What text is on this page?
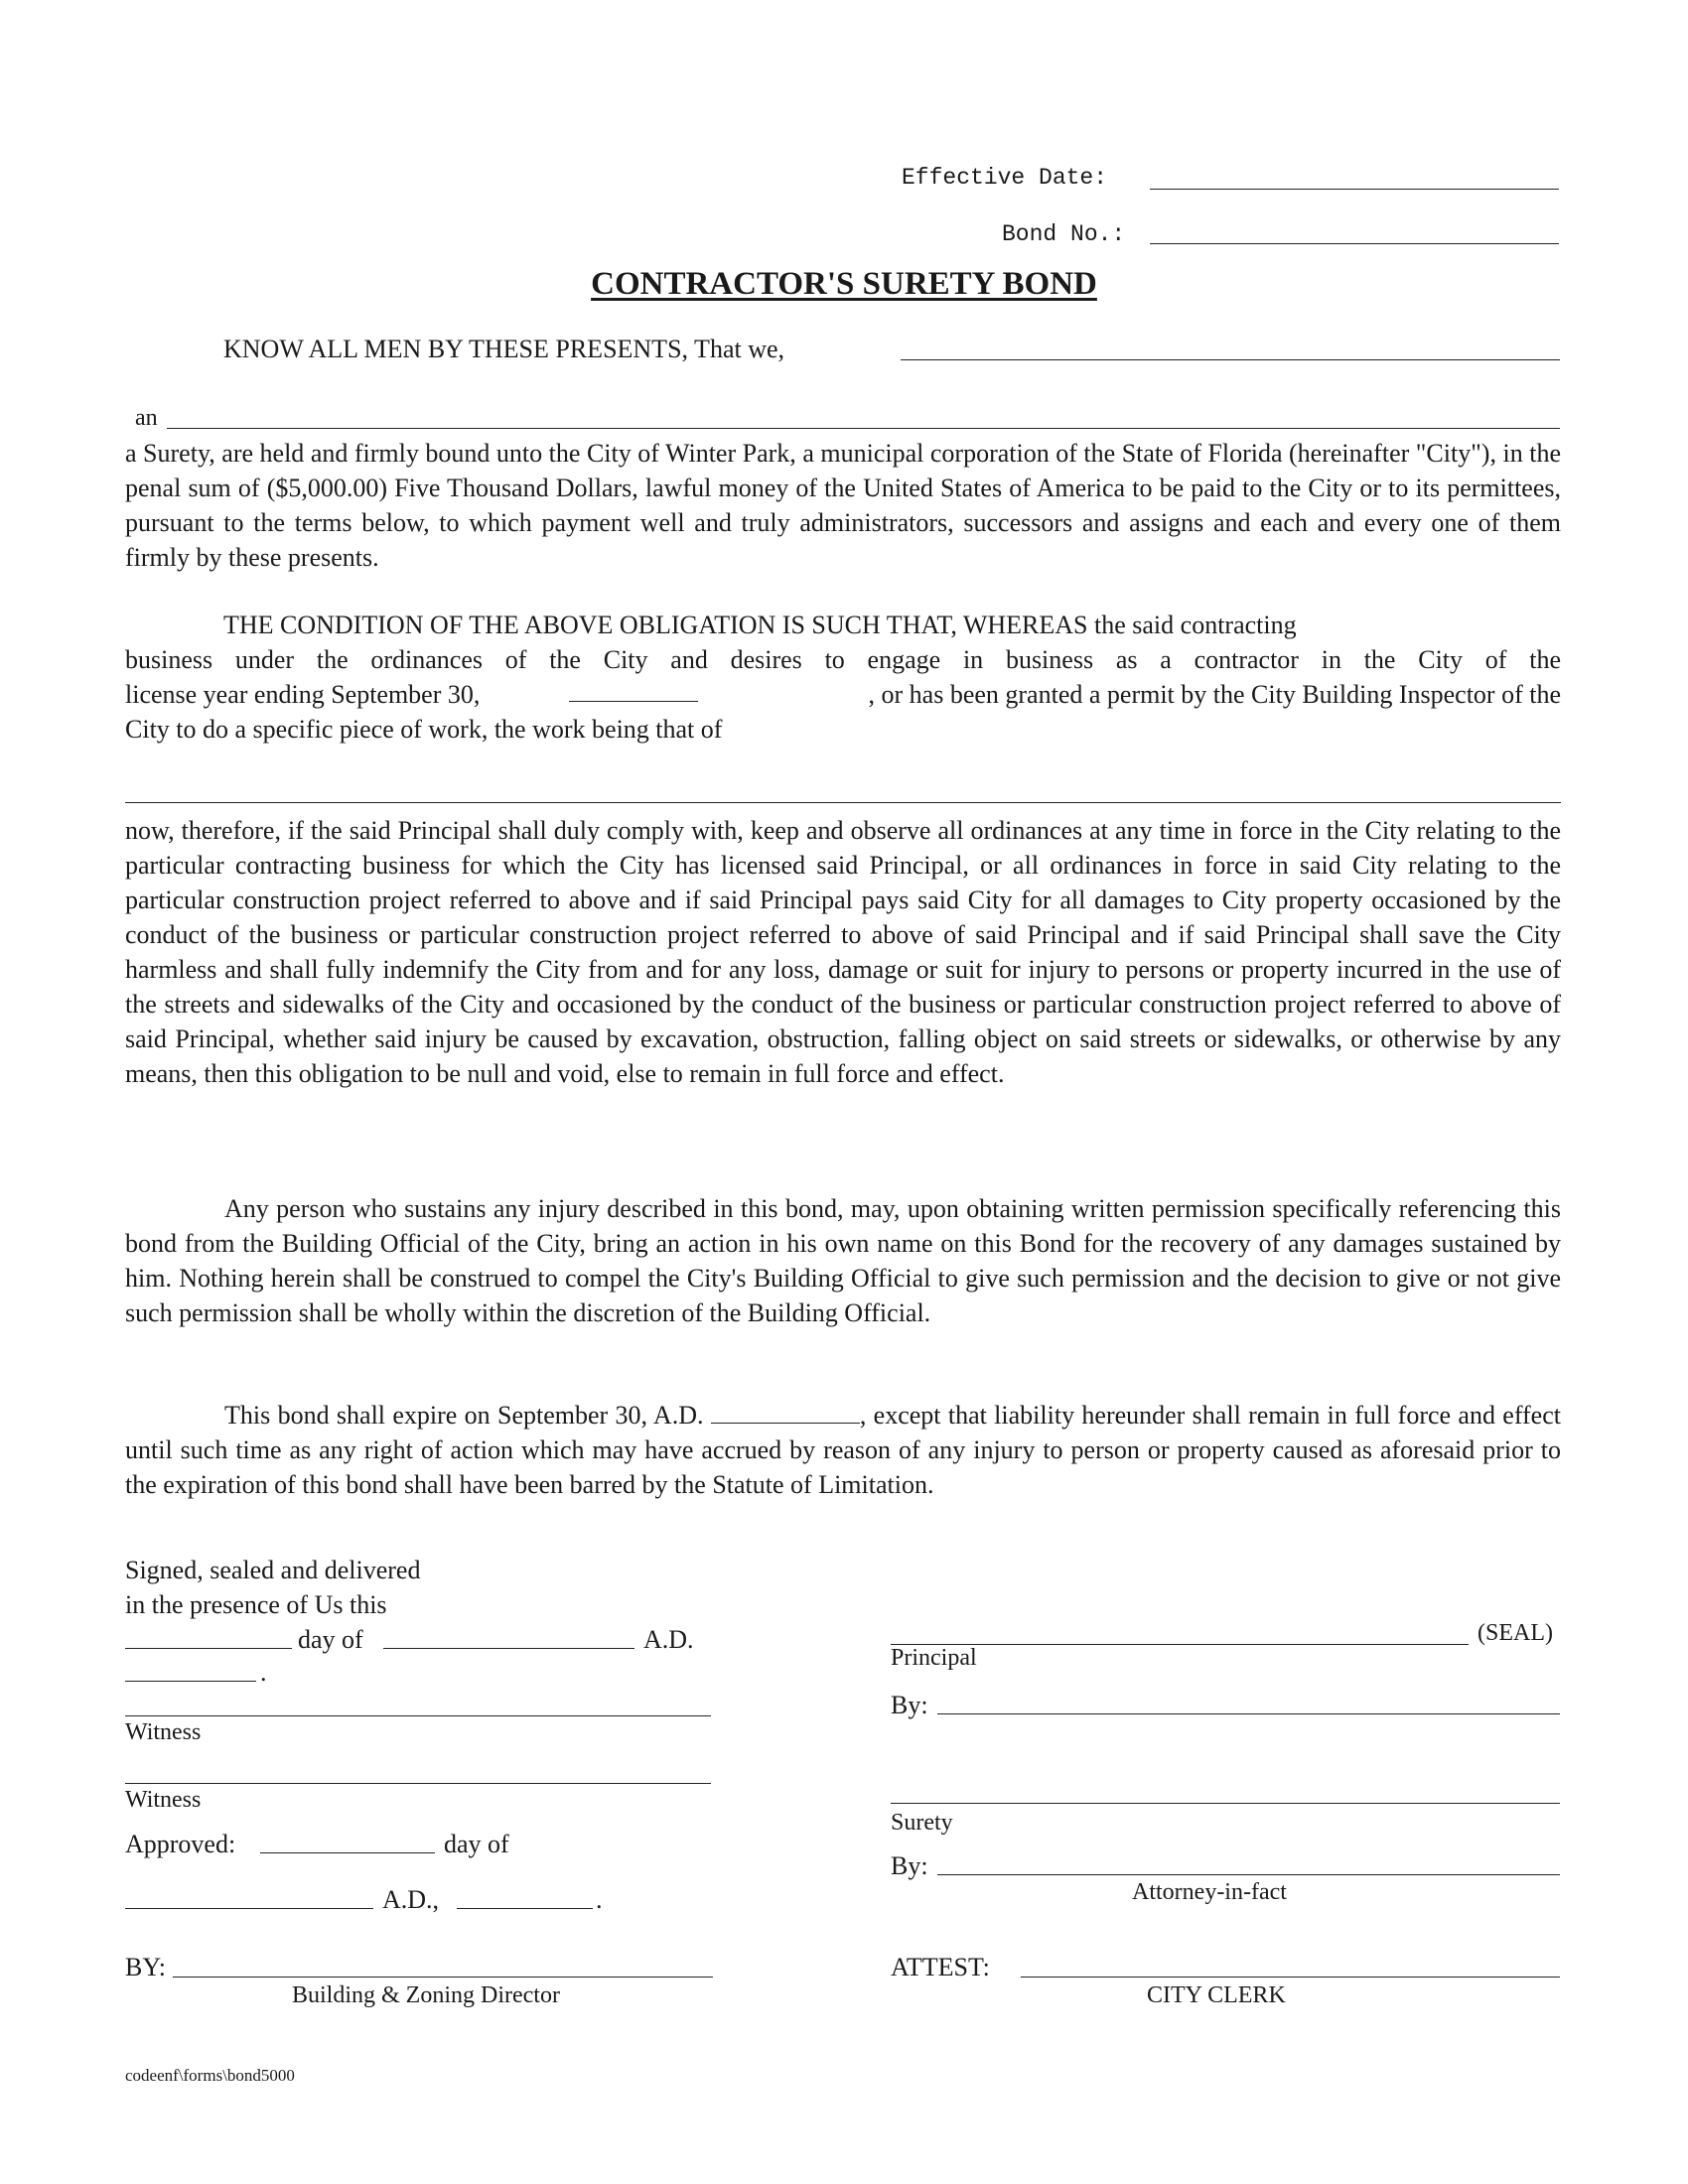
Effective Date:
Bond No.:
CONTRACTOR'S SURETY BOND
KNOW ALL MEN BY THESE PRESENTS, That we,
an

a Surety, are held and firmly bound unto the City of Winter Park, a municipal corporation of the State of Florida (hereinafter "City"), in the penal sum of ($5,000.00) Five Thousand Dollars, lawful money of the United States of America to be paid to the City or to its permittees, pursuant to the terms below, to which payment well and truly administrators, successors and assigns and each and every one of them firmly by these presents.

THE CONDITION OF THE ABOVE OBLIGATION IS SUCH THAT, WHEREAS the said contracting
business under the ordinances of the City and desires to engage in business as a contractor in the City of the
license year ending September 30,	, or has been granted a permit by the City Building Inspector of the
City to do a specific piece of work, the work being that of

now, therefore, if the said Principal shall duly comply with, keep and observe all ordinances at any time in force in the City relating to the particular contracting business for which the City has licensed said Principal, or all ordinances in force in said City relating to the particular construction project referred to above and if said Principal pays said City for all damages to City property occasioned by the conduct of the business or particular construction project referred to above of said Principal and if said Principal shall save the City harmless and shall fully indemnify the City from and for any loss, damage or suit for injury to persons or property incurred in the use of the streets and sidewalks of the City and occasioned by the conduct of the business or particular construction project referred to above of said Principal, whether said injury be caused by excavation, obstruction, falling object on said streets or sidewalks, or otherwise by any means, then this obligation to be null and void, else to remain in full force and effect.

Any person who sustains any injury described in this bond, may, upon obtaining written permission specifically referencing this bond from the Building Official of the City, bring an action in his own name on this Bond for the recovery of any damages sustained by him. Nothing herein shall be construed to compel the City's Building Official to give such permission and the decision to give or not give such permission shall be wholly within the discretion of the Building Official.

This bond shall expire on September 30, A.D.	, except that liability hereunder shall remain in full force and effect until such time as any right of action which may have accrued by reason of any injury to person or property caused as aforesaid prior to the expiration of this bond shall have been barred by the Statute of Limitation.

Signed, sealed and delivered
in the presence of Us this
day of	A.D.
.
Witness
Witness
Approved:	day of
A.D.,	.
BY:
Building & Zoning Director
(SEAL)
Principal
By:
Surety
By:
Attorney-in-fact
ATTEST:
CITY CLERK
codeenf\forms\bond5000
